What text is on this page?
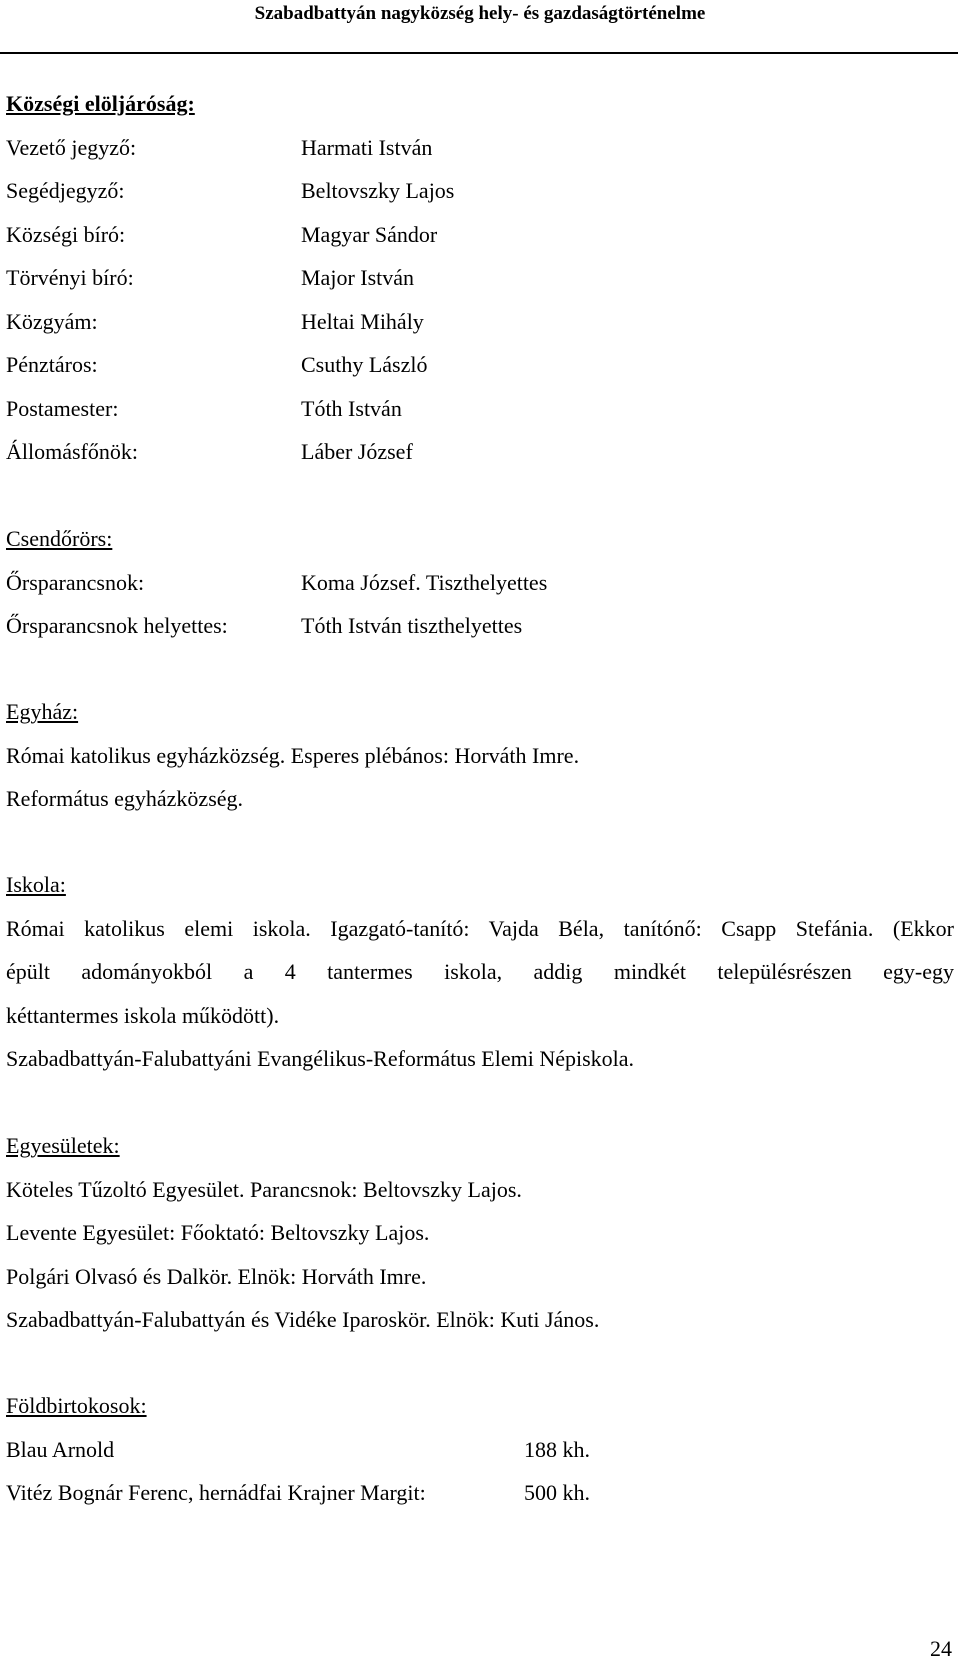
Szabadbattyán nagyközség hely- és gazdaságtörténelme
Községi elöljáróság:
Vezető jegyző:	Harmati István
Segédjegyző:	Beltovszky Lajos
Községi bíró:	Magyar Sándor
Törvényi bíró:	Major István
Közgyám:	Heltai Mihály
Pénztáros:	Csuthy László
Postamester:	Tóth István
Állomásfőnök:	Láber József
Csendőrörs:
Őrsparancsnok:	Koma József. Tiszthelyettes
Őrsparancsnok helyettes:	Tóth István tiszthelyettes
Egyház:
Római katolikus egyházközség. Esperes plébános: Horváth Imre.
Református egyházközség.
Iskola:
Római katolikus elemi iskola. Igazgató-tanító: Vajda Béla, tanítónő: Csapp Stefánia. (Ekkor
épült adományokból a 4 tantermes iskola, addig mindkét településrészen egy-egy
kéttantermes iskola működött).
Szabadbattyán-Falubattyáni Evangélikus-Református Elemi Népiskola.
Egyesületek:
Köteles Tűzoltó Egyesület. Parancsnok: Beltovszky Lajos.
Levente Egyesület: Főoktató: Beltovszky Lajos.
Polgári Olvasó és Dalkör. Elnök: Horváth Imre.
Szabadbattyán-Falubattyán és Vidéke Iparoskör. Elnök: Kuti János.
Földbirtokosok:
Blau Arnold	188 kh.
Vitéz Bognár Ferenc, hernádfai Krajner Margit:	500 kh.
24
